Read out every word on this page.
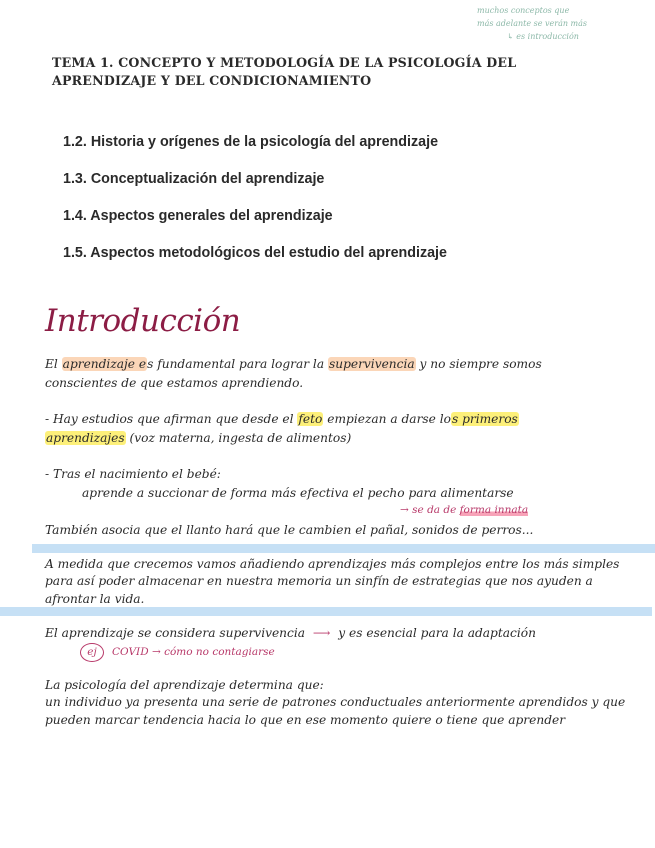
muchos conceptos que
más adelante se verán más
↳ es introducción
TEMA 1. CONCEPTO Y METODOLOGÍA DE LA PSICOLOGÍA DEL
APRENDIZAJE Y DEL CONDICIONAMIENTO
1.2. Historia y orígenes de la psicología del aprendizaje
1.3. Conceptualización del aprendizaje
1.4. Aspectos generales del aprendizaje
1.5. Aspectos metodológicos del estudio del aprendizaje
Introducción
El aprendizaje es fundamental para lograr la supervivencia y no siempre somos
conscientes de que estamos aprendiendo.
- Hay estudios que afirman que desde el feto empiezan a darse los primeros
aprendizajes (voz materna, ingesta de alimentos)
- Tras el nacimiento el bebé:
aprende a succionar de forma más efectiva el pecho para alimentarse
→ se da de forma innata
También asocia que el llanto hará que le cambien el pañal, sonidos de perros...
A medida que crecemos vamos añadiendo aprendizajes más complejos entre los más simples
para así poder almacenar en nuestra memoria un sinfín de estrategias que nos ayuden a
afrontar la vida.
El aprendizaje se considera supervivencia ⟶ y es esencial para la adaptación
ej COVID → cómo no contagiarse
La psicología del aprendizaje determina que:
un individuo ya presenta una serie de patrones conductuales anteriormente aprendidos y que
pueden marcar tendencia hacia lo que en ese momento quiere o tiene que aprender
